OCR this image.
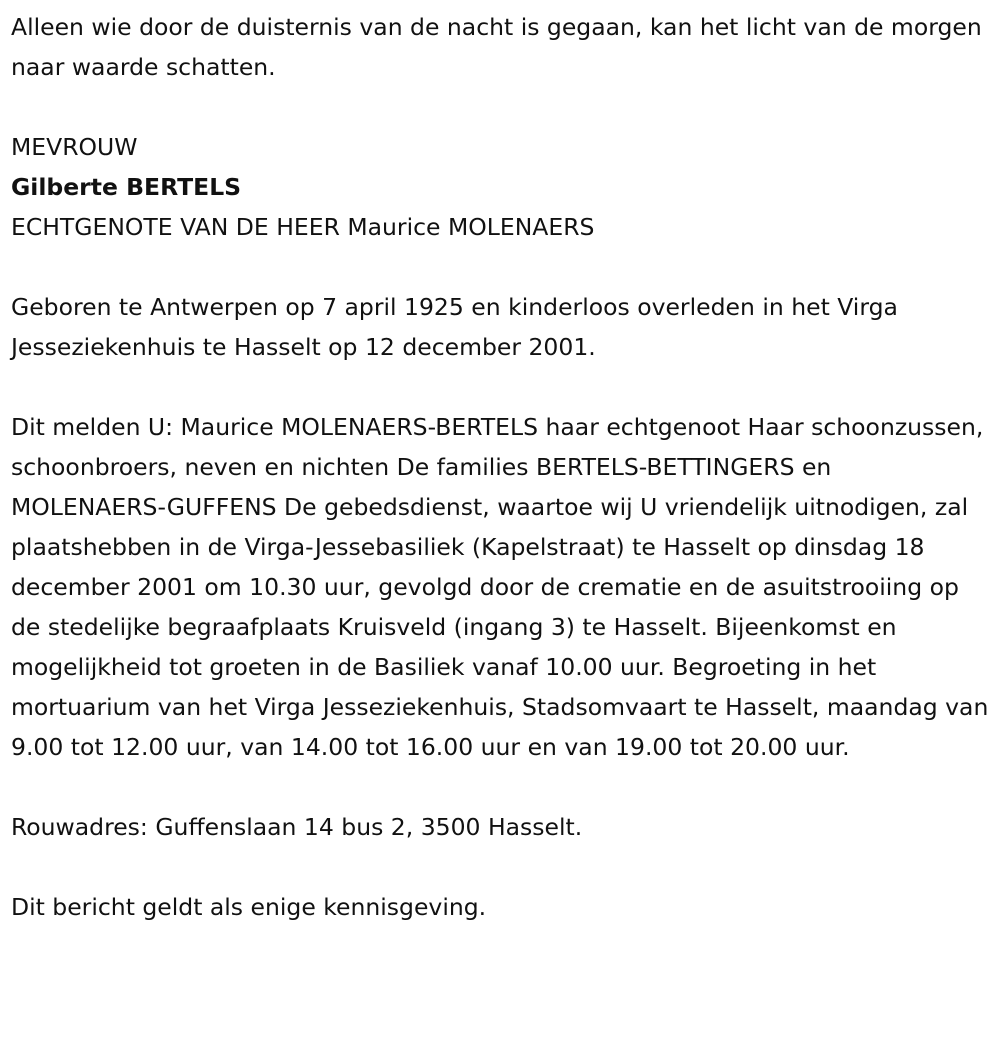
Alleen wie door de duisternis van de nacht is gegaan, kan het licht van de morgen naar waarde schatten.

MEVROUW

Gilberte BERTELS

ECHTGENOTE VAN DE HEER Maurice MOLENAERS

Geboren te Antwerpen op 7 april 1925 en kinderloos overleden in het Virga Jesseziekenhuis te Hasselt op 12 december 2001.

Dit melden U: Maurice MOLENAERS-BERTELS haar echtgenoot Haar schoonzussen, schoonbroers, neven en nichten De families BERTELS-BETTINGERS en MOLENAERS-GUFFENS De gebedsdienst, waartoe wij U vriendelijk uitnodigen, zal plaatshebben in de Virga-Jessebasiliek (Kapelstraat) te Hasselt op dinsdag 18 december 2001 om 10.30 uur, gevolgd door de crematie en de asuitstrooiing op de stedelijke begraafplaats Kruisveld (ingang 3) te Hasselt. Bijeenkomst en mogelijkheid tot groeten in de Basiliek vanaf 10.00 uur. Begroeting in het mortuarium van het Virga Jesseziekenhuis, Stadsomvaart te Hasselt, maandag van 9.00 tot 12.00 uur, van 14.00 tot 16.00 uur en van 19.00 tot 20.00 uur.

Rouwadres: Guffenslaan 14 bus 2, 3500 Hasselt.

Dit bericht geldt als enige kennisgeving.
